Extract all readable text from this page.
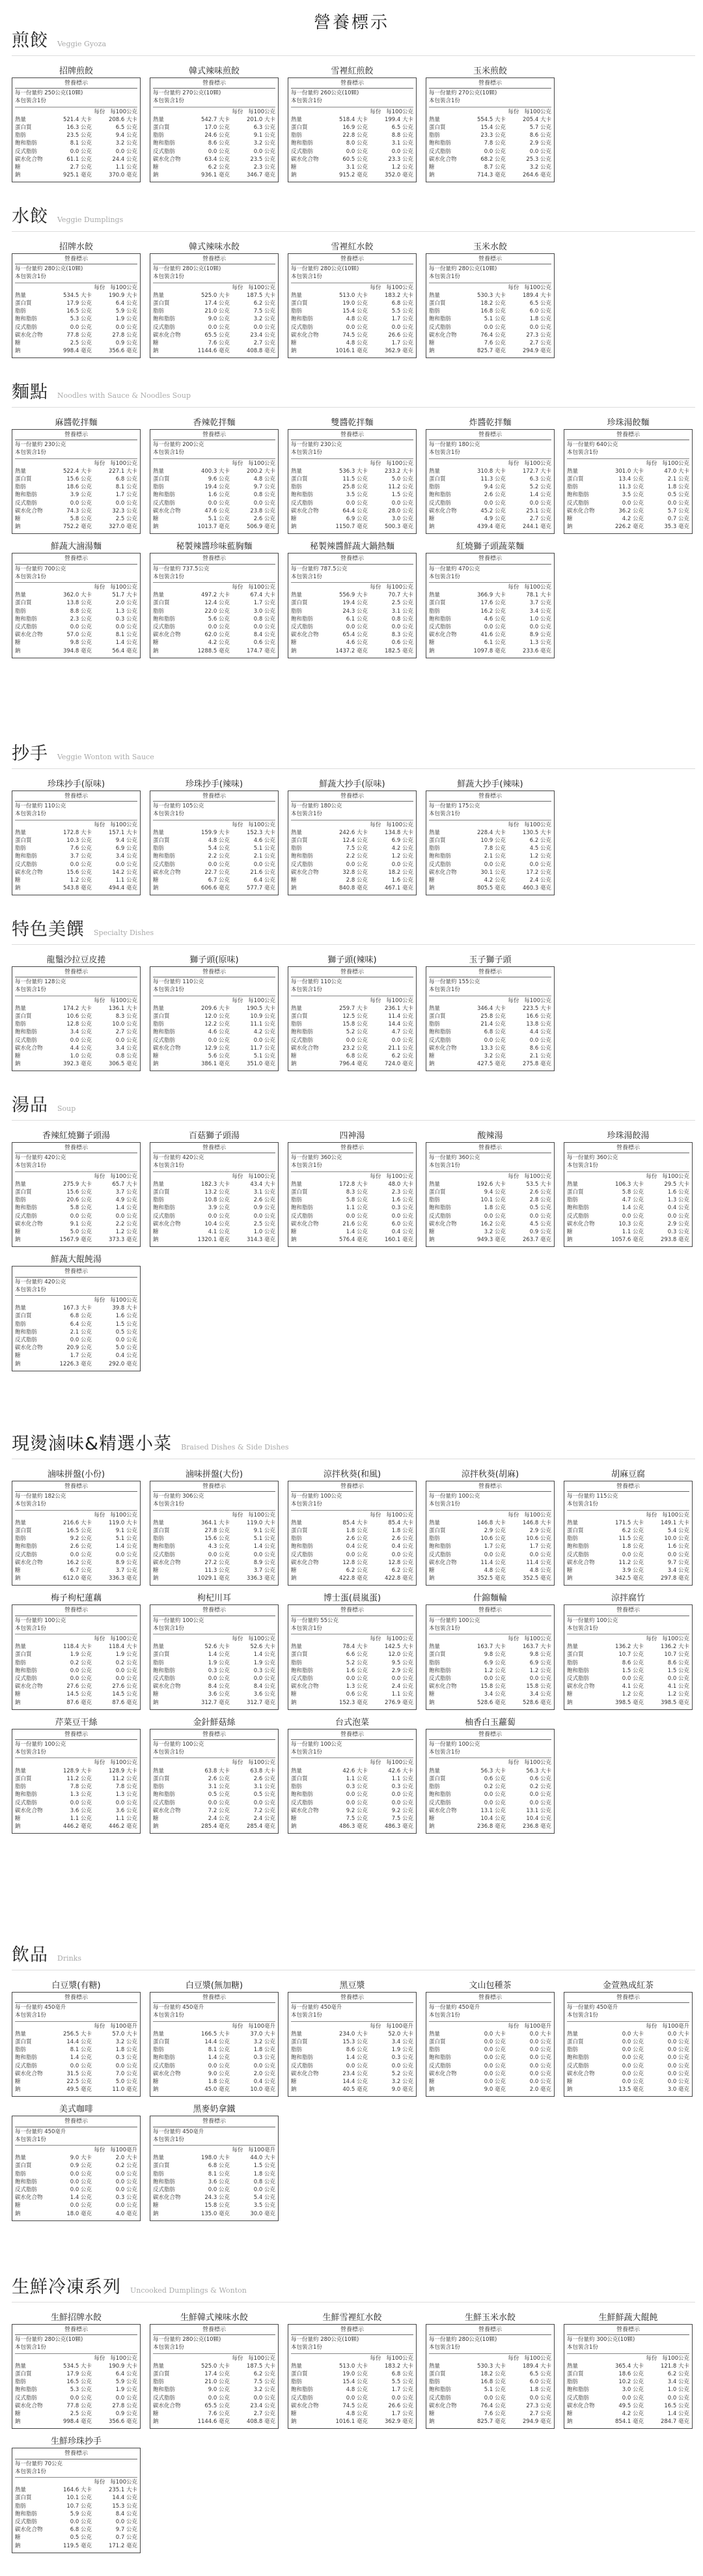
營養標示
煎餃 Veggie Gyoza
招牌煎餃
營養標示
每一份量約 250公克(10顆)
本包裝含1份
每份 每100公克
熱量	521.4 大卡	208.6 大卡
蛋白質	16.3 公克	6.5 公克
脂肪	23.5 公克	9.4 公克
飽和脂肪	8.1 公克	3.2 公克
反式脂肪	0.0 公克	0.0 公克
碳水化合物	61.1 公克	24.4 公克
糖	2.7 公克	1.1 公克
鈉	925.1 毫克	370.0 毫克
韓式辣味煎餃
營養標示
每一份量約 270公克(10顆)
本包裝含1份
每份 每100公克
熱量	542.7 大卡	201.0 大卡
蛋白質	17.0 公克	6.3 公克
脂肪	24.6 公克	9.1 公克
飽和脂肪	8.6 公克	3.2 公克
反式脂肪	0.0 公克	0.0 公克
碳水化合物	63.4 公克	23.5 公克
糖	6.2 公克	2.3 公克
鈉	936.1 毫克	346.7 毫克
雪裡紅煎餃
營養標示
每一份量約 260公克(10顆)
本包裝含1份
每份 每100公克
熱量	518.4 大卡	199.4 大卡
蛋白質	16.9 公克	6.5 公克
脂肪	22.8 公克	8.8 公克
飽和脂肪	8.0 公克	3.1 公克
反式脂肪	0.0 公克	0.0 公克
碳水化合物	60.5 公克	23.3 公克
糖	3.1 公克	1.2 公克
鈉	915.2 毫克	352.0 毫克
玉米煎餃
營養標示
每一份量約 270公克(10顆)
本包裝含1份
每份 每100公克
熱量	554.5 大卡	205.4 大卡
蛋白質	15.4 公克	5.7 公克
脂肪	23.3 公克	8.6 公克
飽和脂肪	7.8 公克	2.9 公克
反式脂肪	0.0 公克	0.0 公克
碳水化合物	68.2 公克	25.3 公克
糖	8.7 公克	3.2 公克
鈉	714.3 毫克	264.6 毫克
水餃 Veggie Dumplings
招牌水餃
營養標示
每一份量約 280公克(10顆)
本包裝含1份
每份 每100公克
熱量	534.5 大卡	190.9 大卡
蛋白質	17.9 公克	6.4 公克
脂肪	16.5 公克	5.9 公克
飽和脂肪	5.3 公克	1.9 公克
反式脂肪	0.0 公克	0.0 公克
碳水化合物	77.8 公克	27.8 公克
糖	2.5 公克	0.9 公克
鈉	998.4 毫克	356.6 毫克
韓式辣味水餃
營養標示
每一份量約 280公克(10顆)
本包裝含1份
每份 每100公克
熱量	525.0 大卡	187.5 大卡
蛋白質	17.4 公克	6.2 公克
脂肪	21.0 公克	7.5 公克
飽和脂肪	9.0 公克	3.2 公克
反式脂肪	0.0 公克	0.0 公克
碳水化合物	65.5 公克	23.4 公克
糖	7.6 公克	2.7 公克
鈉	1144.6 毫克	408.8 毫克
雪裡紅水餃
營養標示
每一份量約 280公克(10顆)
本包裝含1份
每份 每100公克
熱量	513.0 大卡	183.2 大卡
蛋白質	19.0 公克	6.8 公克
脂肪	15.4 公克	5.5 公克
飽和脂肪	4.8 公克	1.7 公克
反式脂肪	0.0 公克	0.0 公克
碳水化合物	74.5 公克	26.6 公克
糖	4.8 公克	1.7 公克
鈉	1016.1 毫克	362.9 毫克
玉米水餃
營養標示
每一份量約 280公克(10顆)
本包裝含1份
每份 每100公克
熱量	530.3 大卡	189.4 大卡
蛋白質	18.2 公克	6.5 公克
脂肪	16.8 公克	6.0 公克
飽和脂肪	5.1 公克	1.8 公克
反式脂肪	0.0 公克	0.0 公克
碳水化合物	76.4 公克	27.3 公克
糖	7.6 公克	2.7 公克
鈉	825.7 毫克	294.9 毫克
麵點 Noodles with Sauce & Noodles Soup
麻醬乾拌麵
營養標示
每一份量約 230公克
本包裝含1份
每份 每100公克
熱量	522.4 大卡	227.1 大卡
蛋白質	15.6 公克	6.8 公克
脂肪	18.6 公克	8.1 公克
飽和脂肪	3.9 公克	1.7 公克
反式脂肪	0.0 公克	0.0 公克
碳水化合物	74.3 公克	32.3 公克
糖	5.8 公克	2.5 公克
鈉	752.2 毫克	327.0 毫克
香辣乾拌麵
營養標示
每一份量約 200公克
本包裝含1份
每份 每100公克
熱量	400.3 大卡	200.2 大卡
蛋白質	9.6 公克	4.8 公克
脂肪	19.4 公克	9.7 公克
飽和脂肪	1.6 公克	0.8 公克
反式脂肪	0.0 公克	0.0 公克
碳水化合物	47.6 公克	23.8 公克
糖	5.1 公克	2.6 公克
鈉	1013.7 毫克	506.9 毫克
雙醬乾拌麵
營養標示
每一份量約 230公克
本包裝含1份
每份 每100公克
熱量	536.3 大卡	233.2 大卡
蛋白質	11.5 公克	5.0 公克
脂肪	25.8 公克	11.2 公克
飽和脂肪	3.5 公克	1.5 公克
反式脂肪	0.0 公克	0.0 公克
碳水化合物	64.4 公克	28.0 公克
糖	6.9 公克	3.0 公克
鈉	1150.7 毫克	500.3 毫克
炸醬乾拌麵
營養標示
每一份量約 180公克
本包裝含1份
每份 每100公克
熱量	310.8 大卡	172.7 大卡
蛋白質	11.3 公克	6.3 公克
脂肪	9.4 公克	5.2 公克
飽和脂肪	2.6 公克	1.4 公克
反式脂肪	0.0 公克	0.0 公克
碳水化合物	45.2 公克	25.1 公克
糖	4.9 公克	2.7 公克
鈉	439.4 毫克	244.1 毫克
珍珠湯餃麵
營養標示
每一份量約 640公克
本包裝含1份
每份 每100公克
熱量	301.0 大卡	47.0 大卡
蛋白質	13.4 公克	2.1 公克
脂肪	11.3 公克	1.8 公克
飽和脂肪	3.5 公克	0.5 公克
反式脂肪	0.0 公克	0.0 公克
碳水化合物	36.2 公克	5.7 公克
糖	4.2 公克	0.7 公克
鈉	226.2 毫克	35.3 毫克
鮮蔬大滷湯麵
營養標示
每一份量約 700公克
本包裝含1份
每份 每100公克
熱量	362.0 大卡	51.7 大卡
蛋白質	13.8 公克	2.0 公克
脂肪	8.8 公克	1.3 公克
飽和脂肪	2.3 公克	0.3 公克
反式脂肪	0.0 公克	0.0 公克
碳水化合物	57.0 公克	8.1 公克
糖	9.8 公克	1.4 公克
鈉	394.8 毫克	56.4 毫克
秘製辣醬珍味藍胸麵
營養標示
每一份量約 737.5公克
本包裝含1份
每份 每100公克
熱量	497.2 大卡	67.4 大卡
蛋白質	12.4 公克	1.7 公克
脂肪	22.0 公克	3.0 公克
飽和脂肪	5.6 公克	0.8 公克
反式脂肪	0.0 公克	0.0 公克
碳水化合物	62.0 公克	8.4 公克
糖	4.2 公克	0.6 公克
鈉	1288.5 毫克	174.7 毫克
秘製辣醬鮮蔬大鍋熱麵
營養標示
每一份量約 787.5公克
本包裝含1份
每份 每100公克
熱量	556.9 大卡	70.7 大卡
蛋白質	19.4 公克	2.5 公克
脂肪	24.3 公克	3.1 公克
飽和脂肪	6.1 公克	0.8 公克
反式脂肪	0.0 公克	0.0 公克
碳水化合物	65.4 公克	8.3 公克
糖	4.6 公克	0.6 公克
鈉	1437.2 毫克	182.5 毫克
紅燒獅子頭蔬菜麵
營養標示
每一份量約 470公克
本包裝含1份
每份 每100公克
熱量	366.9 大卡	78.1 大卡
蛋白質	17.6 公克	3.7 公克
脂肪	16.2 公克	3.4 公克
飽和脂肪	4.6 公克	1.0 公克
反式脂肪	0.0 公克	0.0 公克
碳水化合物	41.6 公克	8.9 公克
糖	6.1 公克	1.3 公克
鈉	1097.8 毫克	233.6 毫克
抄手 Veggie Wonton with Sauce
珍珠抄手(原味)
營養標示
每一份量約 110公克
本包裝含1份
每份 每100公克
熱量	172.8 大卡	157.1 大卡
蛋白質	10.3 公克	9.4 公克
脂肪	7.6 公克	6.9 公克
飽和脂肪	3.7 公克	3.4 公克
反式脂肪	0.0 公克	0.0 公克
碳水化合物	15.6 公克	14.2 公克
糖	1.2 公克	1.1 公克
鈉	543.8 毫克	494.4 毫克
珍珠抄手(辣味)
營養標示
每一份量約 105公克
本包裝含1份
每份 每100公克
熱量	159.9 大卡	152.3 大卡
蛋白質	4.8 公克	4.6 公克
脂肪	5.4 公克	5.1 公克
飽和脂肪	2.2 公克	2.1 公克
反式脂肪	0.0 公克	0.0 公克
碳水化合物	22.7 公克	21.6 公克
糖	6.7 公克	6.4 公克
鈉	606.6 毫克	577.7 毫克
鮮蔬大抄手(原味)
營養標示
每一份量約 180公克
本包裝含1份
每份 每100公克
熱量	242.6 大卡	134.8 大卡
蛋白質	12.4 公克	6.9 公克
脂肪	7.5 公克	4.2 公克
飽和脂肪	2.2 公克	1.2 公克
反式脂肪	0.0 公克	0.0 公克
碳水化合物	32.8 公克	18.2 公克
糖	2.8 公克	1.6 公克
鈉	840.8 毫克	467.1 毫克
鮮蔬大抄手(辣味)
營養標示
每一份量約 175公克
本包裝含1份
每份 每100公克
熱量	228.4 大卡	130.5 大卡
蛋白質	10.9 公克	6.2 公克
脂肪	7.8 公克	4.5 公克
飽和脂肪	2.1 公克	1.2 公克
反式脂肪	0.0 公克	0.0 公克
碳水化合物	30.1 公克	17.2 公克
糖	4.2 公克	2.4 公克
鈉	805.5 毫克	460.3 毫克
特色美饌 Specialty Dishes
龍鬚沙拉豆皮捲
營養標示
每一份量約 128公克
本包裝含1份
每份 每100公克
熱量	174.2 大卡	136.1 大卡
蛋白質	10.6 公克	8.3 公克
脂肪	12.8 公克	10.0 公克
飽和脂肪	3.4 公克	2.7 公克
反式脂肪	0.0 公克	0.0 公克
碳水化合物	4.4 公克	3.4 公克
糖	1.0 公克	0.8 公克
鈉	392.3 毫克	306.5 毫克
獅子頭(原味)
營養標示
每一份量約 110公克
本包裝含1份
每份 每100公克
熱量	209.6 大卡	190.5 大卡
蛋白質	12.0 公克	10.9 公克
脂肪	12.2 公克	11.1 公克
飽和脂肪	4.6 公克	4.2 公克
反式脂肪	0.0 公克	0.0 公克
碳水化合物	12.9 公克	11.7 公克
糖	5.6 公克	5.1 公克
鈉	386.1 毫克	351.0 毫克
獅子頭(辣味)
營養標示
每一份量約 110公克
本包裝含1份
每份 每100公克
熱量	259.7 大卡	236.1 大卡
蛋白質	12.5 公克	11.4 公克
脂肪	15.8 公克	14.4 公克
飽和脂肪	5.2 公克	4.7 公克
反式脂肪	0.0 公克	0.0 公克
碳水化合物	23.2 公克	21.1 公克
糖	6.8 公克	6.2 公克
鈉	796.4 毫克	724.0 毫克
玉子獅子頭
營養標示
每一份量約 155公克
本包裝含1份
每份 每100公克
熱量	346.4 大卡	223.5 大卡
蛋白質	25.8 公克	16.6 公克
脂肪	21.4 公克	13.8 公克
飽和脂肪	6.8 公克	4.4 公克
反式脂肪	0.0 公克	0.0 公克
碳水化合物	13.3 公克	8.6 公克
糖	3.2 公克	2.1 公克
鈉	427.5 毫克	275.8 毫克
湯品 Soup
香辣紅燒獅子頭湯
營養標示
每一份量約 420公克
本包裝含1份
每份 每100公克
熱量	275.9 大卡	65.7 大卡
蛋白質	15.6 公克	3.7 公克
脂肪	20.6 公克	4.9 公克
飽和脂肪	5.8 公克	1.4 公克
反式脂肪	0.0 公克	0.0 公克
碳水化合物	9.1 公克	2.2 公克
糖	5.0 公克	1.2 公克
鈉	1567.9 毫克	373.3 毫克
百菇獅子頭湯
營養標示
每一份量約 420公克
本包裝含1份
每份 每100公克
熱量	182.3 大卡	43.4 大卡
蛋白質	13.2 公克	3.1 公克
脂肪	10.8 公克	2.6 公克
飽和脂肪	3.9 公克	0.9 公克
反式脂肪	0.0 公克	0.0 公克
碳水化合物	10.4 公克	2.5 公克
糖	4.1 公克	1.0 公克
鈉	1320.1 毫克	314.3 毫克
四神湯
營養標示
每一份量約 360公克
本包裝含1份
每份 每100公克
熱量	172.8 大卡	48.0 大卡
蛋白質	8.3 公克	2.3 公克
脂肪	5.8 公克	1.6 公克
飽和脂肪	1.1 公克	0.3 公克
反式脂肪	0.0 公克	0.0 公克
碳水化合物	21.6 公克	6.0 公克
糖	1.4 公克	0.4 公克
鈉	576.4 毫克	160.1 毫克
酸辣湯
營養標示
每一份量約 360公克
本包裝含1份
每份 每100公克
熱量	192.6 大卡	53.5 大卡
蛋白質	9.4 公克	2.6 公克
脂肪	10.1 公克	2.8 公克
飽和脂肪	1.8 公克	0.5 公克
反式脂肪	0.0 公克	0.0 公克
碳水化合物	16.2 公克	4.5 公克
糖	3.2 公克	0.9 公克
鈉	949.3 毫克	263.7 毫克
珍珠湯餃湯
營養標示
每一份量約 360公克
本包裝含1份
每份 每100公克
熱量	106.3 大卡	29.5 大卡
蛋白質	5.8 公克	1.6 公克
脂肪	4.7 公克	1.3 公克
飽和脂肪	1.4 公克	0.4 公克
反式脂肪	0.0 公克	0.0 公克
碳水化合物	10.3 公克	2.9 公克
糖	1.1 公克	0.3 公克
鈉	1057.6 毫克	293.8 毫克
鮮蔬大餛飩湯
營養標示
每一份量約 420公克
本包裝含1份
每份 每100公克
熱量	167.3 大卡	39.8 大卡
蛋白質	6.8 公克	1.6 公克
脂肪	6.4 公克	1.5 公克
飽和脂肪	2.1 公克	0.5 公克
反式脂肪	0.0 公克	0.0 公克
碳水化合物	20.9 公克	5.0 公克
糖	1.7 公克	0.4 公克
鈉	1226.3 毫克	292.0 毫克
現燙滷味&精選小菜 Braised Dishes & Side Dishes
滷味拼盤(小份)
營養標示
每一份量約 182公克
本包裝含1份
每份 每100公克
熱量	216.6 大卡	119.0 大卡
蛋白質	16.5 公克	9.1 公克
脂肪	9.2 公克	5.1 公克
飽和脂肪	2.6 公克	1.4 公克
反式脂肪	0.0 公克	0.0 公克
碳水化合物	16.2 公克	8.9 公克
糖	6.7 公克	3.7 公克
鈉	612.0 毫克	336.3 毫克
滷味拼盤(大份)
營養標示
每一份量約 306公克
本包裝含1份
每份 每100公克
熱量	364.1 大卡	119.0 大卡
蛋白質	27.8 公克	9.1 公克
脂肪	15.6 公克	5.1 公克
飽和脂肪	4.3 公克	1.4 公克
反式脂肪	0.0 公克	0.0 公克
碳水化合物	27.2 公克	8.9 公克
糖	11.3 公克	3.7 公克
鈉	1029.1 毫克	336.3 毫克
涼拌秋葵(和風)
營養標示
每一份量約 100公克
本包裝含1份
每份 每100公克
熱量	85.4 大卡	85.4 大卡
蛋白質	1.8 公克	1.8 公克
脂肪	2.6 公克	2.6 公克
飽和脂肪	0.4 公克	0.4 公克
反式脂肪	0.0 公克	0.0 公克
碳水化合物	12.8 公克	12.8 公克
糖	6.2 公克	6.2 公克
鈉	422.8 毫克	422.8 毫克
涼拌秋葵(胡麻)
營養標示
每一份量約 100公克
本包裝含1份
每份 每100公克
熱量	146.8 大卡	146.8 大卡
蛋白質	2.9 公克	2.9 公克
脂肪	10.6 公克	10.6 公克
飽和脂肪	1.7 公克	1.7 公克
反式脂肪	0.0 公克	0.0 公克
碳水化合物	11.4 公克	11.4 公克
糖	4.8 公克	4.8 公克
鈉	352.5 毫克	352.5 毫克
胡麻豆腐
營養標示
每一份量約 115公克
本包裝含1份
每份 每100公克
熱量	171.5 大卡	149.1 大卡
蛋白質	6.2 公克	5.4 公克
脂肪	11.5 公克	10.0 公克
飽和脂肪	1.8 公克	1.6 公克
反式脂肪	0.0 公克	0.0 公克
碳水化合物	11.2 公克	9.7 公克
糖	3.9 公克	3.4 公克
鈉	342.5 毫克	297.8 毫克
梅子枸杞蓮藕
營養標示
每一份量約 100公克
本包裝含1份
每份 每100公克
熱量	118.4 大卡	118.4 大卡
蛋白質	1.9 公克	1.9 公克
脂肪	0.2 公克	0.2 公克
飽和脂肪	0.0 公克	0.0 公克
反式脂肪	0.0 公克	0.0 公克
碳水化合物	27.6 公克	27.6 公克
糖	14.5 公克	14.5 公克
鈉	87.6 毫克	87.6 毫克
枸杞川耳
營養標示
每一份量約 100公克
本包裝含1份
每份 每100公克
熱量	52.6 大卡	52.6 大卡
蛋白質	1.4 公克	1.4 公克
脂肪	1.9 公克	1.9 公克
飽和脂肪	0.3 公克	0.3 公克
反式脂肪	0.0 公克	0.0 公克
碳水化合物	8.4 公克	8.4 公克
糖	3.6 公克	3.6 公克
鈉	312.7 毫克	312.7 毫克
博士蛋(晨嵐蛋)
營養標示
每一份量約 55公克
本包裝含1份
每份 每100公克
熱量	78.4 大卡	142.5 大卡
蛋白質	6.6 公克	12.0 公克
脂肪	5.2 公克	9.5 公克
飽和脂肪	1.6 公克	2.9 公克
反式脂肪	0.0 公克	0.0 公克
碳水化合物	1.3 公克	2.4 公克
糖	0.6 公克	1.1 公克
鈉	152.3 毫克	276.9 毫克
什錦麵輪
營養標示
每一份量約 100公克
本包裝含1份
每份 每100公克
熱量	163.7 大卡	163.7 大卡
蛋白質	9.8 公克	9.8 公克
脂肪	6.9 公克	6.9 公克
飽和脂肪	1.2 公克	1.2 公克
反式脂肪	0.0 公克	0.0 公克
碳水化合物	15.8 公克	15.8 公克
糖	3.4 公克	3.4 公克
鈉	528.6 毫克	528.6 毫克
涼拌腐竹
營養標示
每一份量約 100公克
本包裝含1份
每份 每100公克
熱量	136.2 大卡	136.2 大卡
蛋白質	10.7 公克	10.7 公克
脂肪	8.6 公克	8.6 公克
飽和脂肪	1.5 公克	1.5 公克
反式脂肪	0.0 公克	0.0 公克
碳水化合物	4.1 公克	4.1 公克
糖	1.2 公克	1.2 公克
鈉	398.5 毫克	398.5 毫克
芹菜豆干絲
營養標示
每一份量約 100公克
本包裝含1份
每份 每100公克
熱量	128.9 大卡	128.9 大卡
蛋白質	11.2 公克	11.2 公克
脂肪	7.8 公克	7.8 公克
飽和脂肪	1.3 公克	1.3 公克
反式脂肪	0.0 公克	0.0 公克
碳水化合物	3.6 公克	3.6 公克
糖	1.1 公克	1.1 公克
鈉	446.2 毫克	446.2 毫克
金針鮮菇絲
營養標示
每一份量約 100公克
本包裝含1份
每份 每100公克
熱量	63.8 大卡	63.8 大卡
蛋白質	2.6 公克	2.6 公克
脂肪	3.1 公克	3.1 公克
飽和脂肪	0.5 公克	0.5 公克
反式脂肪	0.0 公克	0.0 公克
碳水化合物	7.2 公克	7.2 公克
糖	2.4 公克	2.4 公克
鈉	285.4 毫克	285.4 毫克
台式泡菜
營養標示
每一份量約 100公克
本包裝含1份
每份 每100公克
熱量	42.6 大卡	42.6 大卡
蛋白質	1.1 公克	1.1 公克
脂肪	0.3 公克	0.3 公克
飽和脂肪	0.0 公克	0.0 公克
反式脂肪	0.0 公克	0.0 公克
碳水化合物	9.2 公克	9.2 公克
糖	7.5 公克	7.5 公克
鈉	486.3 毫克	486.3 毫克
柚香白玉蘿蔔
營養標示
每一份量約 100公克
本包裝含1份
每份 每100公克
熱量	56.3 大卡	56.3 大卡
蛋白質	0.6 公克	0.6 公克
脂肪	0.2 公克	0.2 公克
飽和脂肪	0.0 公克	0.0 公克
反式脂肪	0.0 公克	0.0 公克
碳水化合物	13.1 公克	13.1 公克
糖	10.4 公克	10.4 公克
鈉	236.8 毫克	236.8 毫克
飲品 Drinks
白豆漿(有糖)
營養標示
每一份量約 450毫升
本包裝含1份
每份 每100毫升
熱量	256.5 大卡	57.0 大卡
蛋白質	14.4 公克	3.2 公克
脂肪	8.1 公克	1.8 公克
飽和脂肪	1.4 公克	0.3 公克
反式脂肪	0.0 公克	0.0 公克
碳水化合物	31.5 公克	7.0 公克
糖	22.5 公克	5.0 公克
鈉	49.5 毫克	11.0 毫克
白豆漿(無加糖)
營養標示
每一份量約 450毫升
本包裝含1份
每份 每100毫升
熱量	166.5 大卡	37.0 大卡
蛋白質	14.4 公克	3.2 公克
脂肪	8.1 公克	1.8 公克
飽和脂肪	1.4 公克	0.3 公克
反式脂肪	0.0 公克	0.0 公克
碳水化合物	9.0 公克	2.0 公克
糖	1.8 公克	0.4 公克
鈉	45.0 毫克	10.0 毫克
黑豆漿
營養標示
每一份量約 450毫升
本包裝含1份
每份 每100毫升
熱量	234.0 大卡	52.0 大卡
蛋白質	15.3 公克	3.4 公克
脂肪	8.6 公克	1.9 公克
飽和脂肪	1.4 公克	0.3 公克
反式脂肪	0.0 公克	0.0 公克
碳水化合物	23.4 公克	5.2 公克
糖	14.4 公克	3.2 公克
鈉	40.5 毫克	9.0 毫克
文山包種茶
營養標示
每一份量約 450毫升
本包裝含1份
每份 每100毫升
熱量	0.0 大卡	0.0 大卡
蛋白質	0.0 公克	0.0 公克
脂肪	0.0 公克	0.0 公克
飽和脂肪	0.0 公克	0.0 公克
反式脂肪	0.0 公克	0.0 公克
碳水化合物	0.0 公克	0.0 公克
糖	0.0 公克	0.0 公克
鈉	9.0 毫克	2.0 毫克
金萱熟成紅茶
營養標示
每一份量約 450毫升
本包裝含1份
每份 每100毫升
熱量	0.0 大卡	0.0 大卡
蛋白質	0.0 公克	0.0 公克
脂肪	0.0 公克	0.0 公克
飽和脂肪	0.0 公克	0.0 公克
反式脂肪	0.0 公克	0.0 公克
碳水化合物	0.0 公克	0.0 公克
糖	0.0 公克	0.0 公克
鈉	13.5 毫克	3.0 毫克
美式咖啡
營養標示
每一份量約 450毫升
本包裝含1份
每份 每100毫升
熱量	9.0 大卡	2.0 大卡
蛋白質	0.9 公克	0.2 公克
脂肪	0.0 公克	0.0 公克
飽和脂肪	0.0 公克	0.0 公克
反式脂肪	0.0 公克	0.0 公克
碳水化合物	1.4 公克	0.3 公克
糖	0.0 公克	0.0 公克
鈉	18.0 毫克	4.0 毫克
黑麥奶拿鐵
營養標示
每一份量約 450毫升
本包裝含1份
每份 每100毫升
熱量	198.0 大卡	44.0 大卡
蛋白質	6.8 公克	1.5 公克
脂肪	8.1 公克	1.8 公克
飽和脂肪	3.6 公克	0.8 公克
反式脂肪	0.0 公克	0.0 公克
碳水化合物	24.3 公克	5.4 公克
糖	15.8 公克	3.5 公克
鈉	135.0 毫克	30.0 毫克
生鮮冷凍系列 Uncooked Dumplings & Wonton
生鮮招牌水餃
營養標示
每一份量約 280公克(10顆)
本包裝含1份
每份 每100公克
熱量	534.5 大卡	190.9 大卡
蛋白質	17.9 公克	6.4 公克
脂肪	16.5 公克	5.9 公克
飽和脂肪	5.3 公克	1.9 公克
反式脂肪	0.0 公克	0.0 公克
碳水化合物	77.8 公克	27.8 公克
糖	2.5 公克	0.9 公克
鈉	998.4 毫克	356.6 毫克
生鮮韓式辣味水餃
營養標示
每一份量約 280公克(10顆)
本包裝含1份
每份 每100公克
熱量	525.0 大卡	187.5 大卡
蛋白質	17.4 公克	6.2 公克
脂肪	21.0 公克	7.5 公克
飽和脂肪	9.0 公克	3.2 公克
反式脂肪	0.0 公克	0.0 公克
碳水化合物	65.5 公克	23.4 公克
糖	7.6 公克	2.7 公克
鈉	1144.6 毫克	408.8 毫克
生鮮雪裡紅水餃
營養標示
每一份量約 280公克(10顆)
本包裝含1份
每份 每100公克
熱量	513.0 大卡	183.2 大卡
蛋白質	19.0 公克	6.8 公克
脂肪	15.4 公克	5.5 公克
飽和脂肪	4.8 公克	1.7 公克
反式脂肪	0.0 公克	0.0 公克
碳水化合物	74.5 公克	26.6 公克
糖	4.8 公克	1.7 公克
鈉	1016.1 毫克	362.9 毫克
生鮮玉米水餃
營養標示
每一份量約 280公克(10顆)
本包裝含1份
每份 每100公克
熱量	530.3 大卡	189.4 大卡
蛋白質	18.2 公克	6.5 公克
脂肪	16.8 公克	6.0 公克
飽和脂肪	5.1 公克	1.8 公克
反式脂肪	0.0 公克	0.0 公克
碳水化合物	76.4 公克	27.3 公克
糖	7.6 公克	2.7 公克
鈉	825.7 毫克	294.9 毫克
生鮮鮮蔬大餛飩
營養標示
每一份量約 300公克(10顆)
本包裝含1份
每份 每100公克
熱量	365.4 大卡	121.8 大卡
蛋白質	18.6 公克	6.2 公克
脂肪	10.2 公克	3.4 公克
飽和脂肪	3.0 公克	1.0 公克
反式脂肪	0.0 公克	0.0 公克
碳水化合物	49.5 公克	16.5 公克
糖	4.2 公克	1.4 公克
鈉	854.1 毫克	284.7 毫克
生鮮珍珠抄手
營養標示
每一份量約 70公克
本包裝含1份
每份 每100公克
熱量	164.6 大卡	235.1 大卡
蛋白質	10.1 公克	14.4 公克
脂肪	10.7 公克	15.3 公克
飽和脂肪	5.9 公克	8.4 公克
反式脂肪	0.0 公克	0.0 公克
碳水化合物	6.8 公克	9.7 公克
糖	0.5 公克	0.7 公克
鈉	119.5 毫克	171.2 毫克
